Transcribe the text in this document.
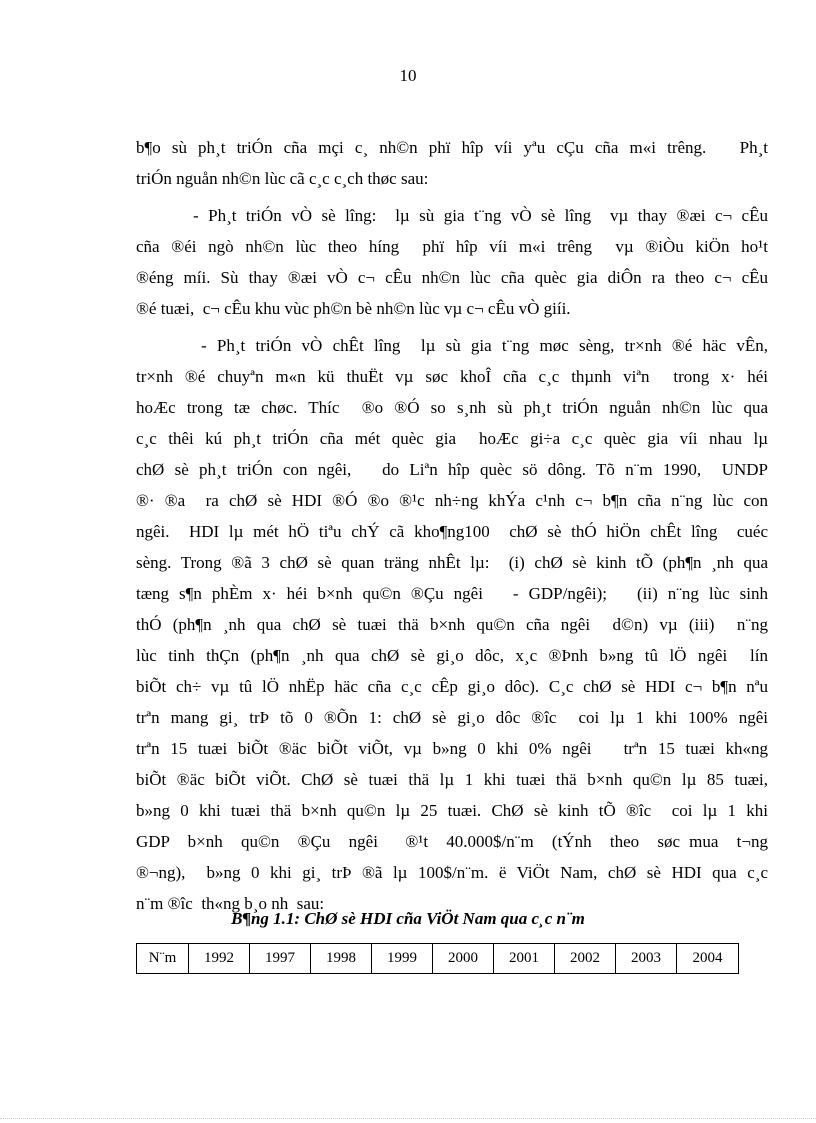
10
b¶o sù ph¸t triÓn cña mçi c¸ nh©n phï hîp víi yªu cÇu cña m«i trêng.   Ph¸t
triÓn nguån nh©n lùc cã c¸c c¸ch thøc sau:
- Ph¸t triÓn vÒ sè lîng:  lµ sù gia t¨ng vÒ sè lîng  vµ thay ®æi c¬ cÊu
cña ®éi ngò nh©n lùc theo híng  phï hîp víi m«i trêng  vµ ®iÒu kiÖn ho¹t
®éng míi. Sù thay ®æi vÒ c¬ cÊu nh©n lùc cña quèc gia diÔn ra theo c¬ cÊu
®é tuæi,  c¬ cÊu khu vùc ph©n bè nh©n lùc vµ c¬ cÊu vÒ giíi.
- Ph¸t triÓn vÒ chÊt lîng  lµ sù gia t¨ng møc sèng, tr×nh ®é häc vÊn,
tr×nh ®é chuyªn m«n kü thuËt vµ søc khoÎ cña c¸c thµnh viªn  trong x· héi
hoÆc trong tæ chøc. Thíc  ®o ®Ó so s¸nh sù ph¸t triÓn nguån nh©n lùc qua
c¸c thêi kú ph¸t triÓn cña mét quèc gia  hoÆc gi÷a c¸c quèc gia víi nhau lµ
chØ sè ph¸t triÓn con ngêi,   do Liªn hîp quèc sö dông. Tõ n¨m 1990,  UNDP
®· ®a  ra chØ sè HDI ®Ó ®o ®¹c nh÷ng khÝa c¹nh c¬ b¶n cña n¨ng lùc con
ngêi.  HDI lµ mét hÖ tiªu chÝ cã kho¶ng100  chØ sè thÓ hiÖn chÊt lîng  cuéc
sèng. Trong ®ã 3 chØ sè quan träng nhÊt lµ:  (i) chØ sè kinh tÕ (ph¶n ¸nh qua
tæng s¶n phÈm x· héi b×nh qu©n ®Çu ngêi   - GDP/ngêi);   (ii) n¨ng lùc sinh
thÓ (ph¶n ¸nh qua chØ sè tuæi thä b×nh qu©n cña ngêi  d©n) vµ (iii)  n¨ng
lùc tinh thÇn (ph¶n ¸nh qua chØ sè gi¸o dôc, x¸c ®Þnh b»ng tû lÖ ngêi  lín
biÕt ch÷ vµ tû lÖ nhËp häc cña c¸c cÊp gi¸o dôc). C¸c chØ sè HDI c¬ b¶n nªu
trªn mang gi¸ trÞ tõ 0 ®Õn 1: chØ sè gi¸o dôc ®îc  coi lµ 1 khi 100% ngêi
trªn 15 tuæi biÕt ®äc biÕt viÕt, vµ b»ng 0 khi 0% ngêi   trªn 15 tuæi kh«ng
biÕt ®äc biÕt viÕt. ChØ sè tuæi thä lµ 1 khi tuæi thä b×nh qu©n lµ 85 tuæi,
b»ng 0 khi tuæi thä b×nh qu©n lµ 25 tuæi. ChØ sè kinh tÕ ®îc  coi lµ 1 khi
GDP  b×nh  qu©n  ®Çu  ngêi   ®¹t  40.000$/n¨m  (tÝnh  theo  søc mua  t¬ng
®¬ng),  b»ng 0 khi gi¸ trÞ ®ã lµ 100$/n¨m. ë ViÖt Nam, chØ sè HDI qua c¸c
n¨m ®îc  th«ng b¸o nh  sau:
B¶ng 1.1: ChØ sè HDI cña ViÖt Nam qua c¸c n¨m
N¨m	1992	1997	1998	1999	2000	2001	2002	2003	2004
